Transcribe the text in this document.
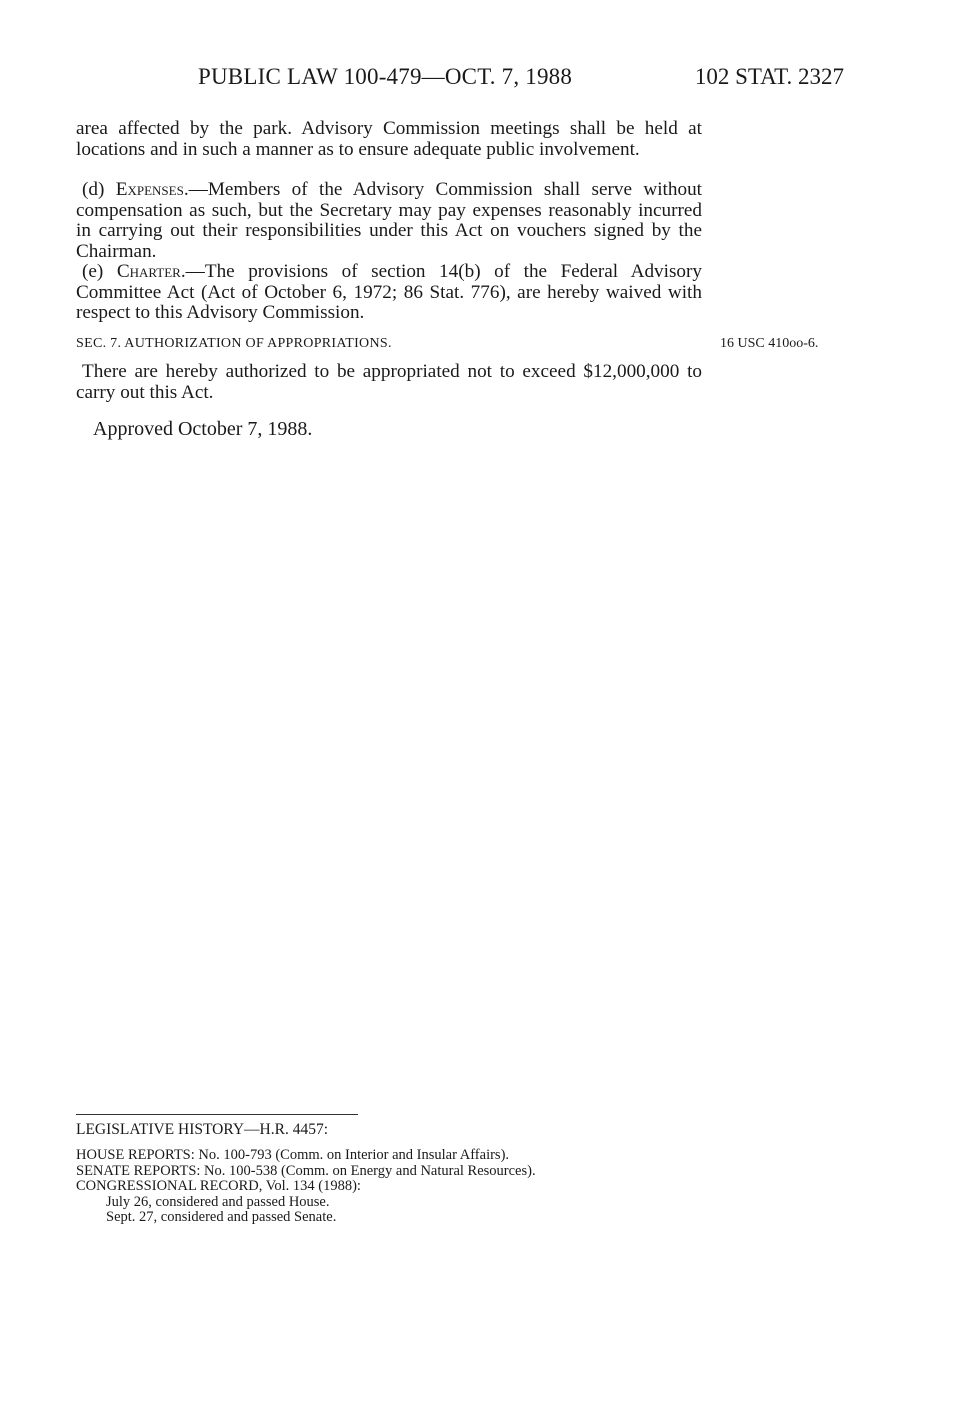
PUBLIC LAW 100-479—OCT. 7, 1988	102 STAT. 2327

area affected by the park. Advisory Commission meetings shall be held at locations and in such a manner as to ensure adequate public involvement.

(d) Expenses.—Members of the Advisory Commission shall serve without compensation as such, but the Secretary may pay expenses reasonably incurred in carrying out their responsibilities under this Act on vouchers signed by the Chairman.

(e) Charter.—The provisions of section 14(b) of the Federal Advisory Committee Act (Act of October 6, 1972; 86 Stat. 776), are hereby waived with respect to this Advisory Commission.

SEC. 7. AUTHORIZATION OF APPROPRIATIONS.	16 USC 410oo-6.

There are hereby authorized to be appropriated not to exceed $12,000,000 to carry out this Act.

Approved October 7, 1988.
LEGISLATIVE HISTORY—H.R. 4457:
HOUSE REPORTS: No. 100-793 (Comm. on Interior and Insular Affairs).
SENATE REPORTS: No. 100-538 (Comm. on Energy and Natural Resources).
CONGRESSIONAL RECORD, Vol. 134 (1988):
July 26, considered and passed House.
Sept. 27, considered and passed Senate.
